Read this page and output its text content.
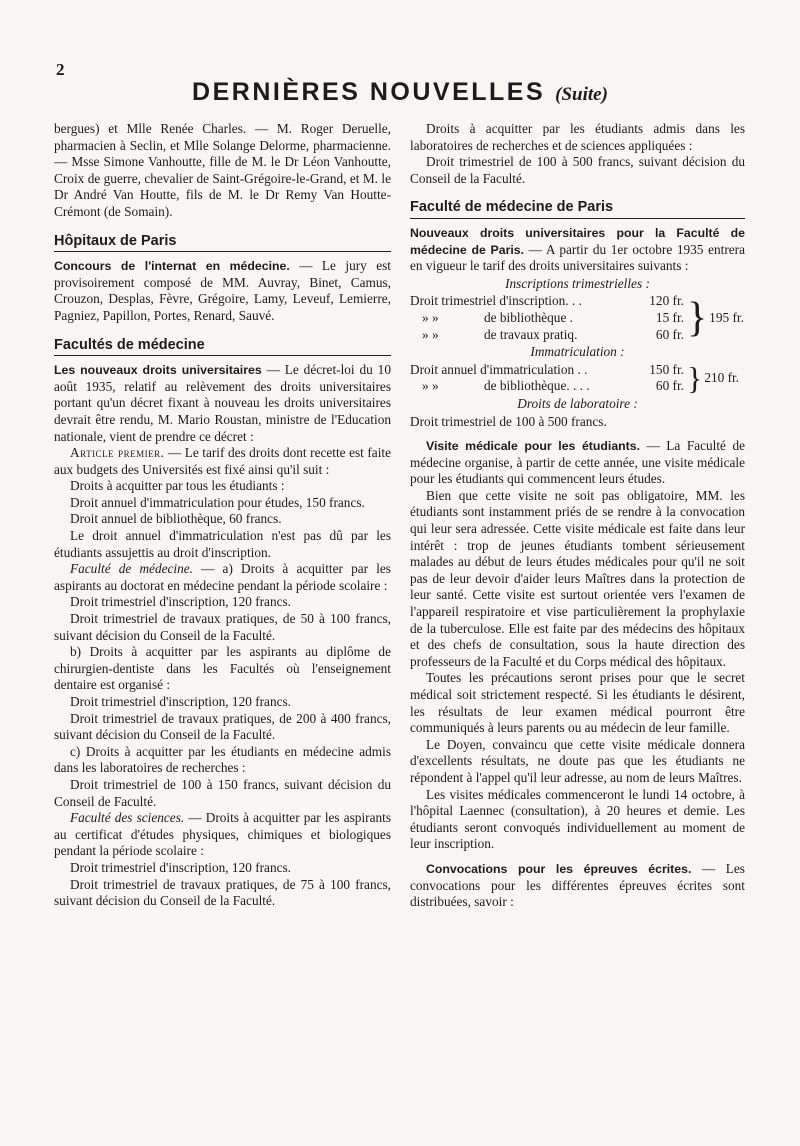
2
DERNIÈRES NOUVELLES (Suite)

bergues) et Mlle Renée Charles. — M. Roger Deruelle, pharmacien à Seclin, et Mlle Solange Delorme, pharmacienne. — Msse Simone Vanhoutte, fille de M. le Dr Léon Vanhoutte, Croix de guerre, chevalier de Saint-Grégoire-le-Grand, et M. le Dr André Van Houtte, fils de M. le Dr Remy Van Houtte-Crémont (de Somain).

Hôpitaux de Paris

Concours de l'internat en médecine. — Le jury est provisoirement composé de MM. Auvray, Binet, Camus, Crouzon, Desplas, Fèvre, Grégoire, Lamy, Leveuf, Lemierre, Pagniez, Papillon, Portes, Renard, Sauvé.

Facultés de médecine

Les nouveaux droits universitaires — Le décret-loi du 10 août 1935, relatif au relèvement des droits universitaires portant qu'un décret fixant à nouveau les droits universitaires devrait être rendu, M. Mario Roustan, ministre de l'Education nationale, vient de prendre ce décret :

Article premier. — Le tarif des droits dont recette est faite aux budgets des Universités est fixé ainsi qu'il suit :

Droits à acquitter par tous les étudiants :

Droit annuel d'immatriculation pour études, 150 francs.

Droit annuel de bibliothèque, 60 francs.

Le droit annuel d'immatriculation n'est pas dû par les étudiants assujettis au droit d'inscription.

Faculté de médecine. — a) Droits à acquitter par les aspirants au doctorat en médecine pendant la période scolaire :

Droit trimestriel d'inscription, 120 francs.

Droit trimestriel de travaux pratiques, de 50 à 100 francs, suivant décision du Conseil de la Faculté.

b) Droits à acquitter par les aspirants au diplôme de chirurgien-dentiste dans les Facultés où l'enseignement dentaire est organisé :

Droit trimestriel d'inscription, 120 francs.

Droit trimestriel de travaux pratiques, de 200 à 400 francs, suivant décision du Conseil de la Faculté.

c) Droits à acquitter par les étudiants en médecine admis dans les laboratoires de recherches :

Droit trimestriel de 100 à 150 francs, suivant décision du Conseil de Faculté.

Faculté des sciences. — Droits à acquitter par les aspirants au certificat d'études physiques, chimiques et biologiques pendant la période scolaire :

Droit trimestriel d'inscription, 120 francs.

Droit trimestriel de travaux pratiques, de 75 à 100 francs, suivant décision du Conseil de la Faculté.

Droits à acquitter par les étudiants admis dans les laboratoires de recherches et de sciences appliquées :

Droit trimestriel de 100 à 500 francs, suivant décision du Conseil de la Faculté.

Faculté de médecine de Paris

Nouveaux droits universitaires pour la Faculté de médecine de Paris. — A partir du 1er octobre 1935 entrera en vigueur le tarif des droits universitaires suivants :

Inscriptions trimestrielles :
Droit trimestriel d'inscription. . .	120 fr.
» »	de bibliothèque .	15 fr.
» »	de travaux pratiq.	60 fr. } 195 fr.
Immatriculation :
Droit annuel d'immatriculation . .	150 fr.
» »	de bibliothèque. . . .	60 fr. } 210 fr.
Droits de laboratoire :

Droit trimestriel de 100 à 500 francs.

Visite médicale pour les étudiants. — La Faculté de médecine organise, à partir de cette année, une visite médicale pour les étudiants qui commencent leurs études.

Bien que cette visite ne soit pas obligatoire, MM. les étudiants sont instamment priés de se rendre à la convocation qui leur sera adressée. Cette visite médicale est faite dans leur intérêt : trop de jeunes étudiants tombent sérieusement malades au début de leurs études médicales pour qu'il ne soit pas de leur devoir d'aider leurs Maîtres dans la protection de leur santé. Cette visite est surtout orientée vers l'examen de l'appareil respiratoire et vise particulièrement la prophylaxie de la tuberculose. Elle est faite par des médecins des hôpitaux et des chefs de consultation, sous la haute direction des professeurs de la Faculté et du Corps médical des hôpitaux.

Toutes les précautions seront prises pour que le secret médical soit strictement respecté. Si les étudiants le désirent, les résultats de leur examen médical pourront être communiqués à leurs parents ou au médecin de leur famille.

Le Doyen, convaincu que cette visite médicale donnera d'excellents résultats, ne doute pas que les étudiants ne répondent à l'appel qu'il leur adresse, au nom de leurs Maîtres.

Les visites médicales commenceront le lundi 14 octobre, à l'hôpital Laennec (consultation), à 20 heures et demie. Les étudiants seront convoqués individuellement au moment de leur inscription.

Convocations pour les épreuves écrites. — Les convocations pour les différentes épreuves écrites sont distribuées, savoir :
